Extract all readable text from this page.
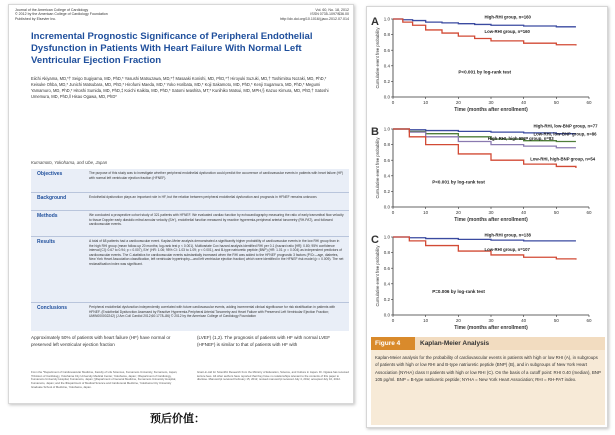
Journal of the American College of Cardiology
© 2012 by the American College of Cardiology Foundation
Published by Elsevier Inc.
Vol. 60, No. 18, 2012
ISSN 0735-1097/$36.00
http://dx.doi.org/10.1016/j.jacc.2012.07.014
Incremental Prognostic Significance of Peripheral Endothelial Dysfunction in Patients With Heart Failure With Normal Left Ventricular Ejection Fraction
Eiichi Akiyama, MD,*† Seigo Sugiyama, MD, PhD,* Yasushi Matsuzawa, MD,*† Masaaki Konishi, MD, PhD,*† Hiroyuki Suzuki, MD,† Toshimitsu Nozaki, MD, PhD,* Keisuke Ohba, MD,* Junichi Matsubara, MD, PhD,* Hirofumi Maeda, MD,* Yoko Horibata, MD,* Koji Sakamoto, MD, PhD,* Kenji Sugamura, MD, PhD,* Megumi Yamamuro, MD, PhD,* Hitoshi Sumida, MD, PhD,‡ Koichi Kaikita, MD, PhD,* Satomi Iwashita, MT,* Kunihiko Matsui, MD, MPH,§ Kazuo Kimura, MD, PhD,† Satoshi Umemura, MD, PhD,‖ Hisao Ogawa, MD, PhD*
Kumamoto, Yokohama, and Ube, Japan
Objectives	The purpose of this study was to investigate whether peripheral endothelial dysfunction could predict the occurrence of cardiovascular events in patients with heart failure (HF) with normal left ventricular ejection fraction (HFNEF).
Background	Endothelial dysfunction plays an important role in HF, but the relation between peripheral endothelial dysfunction and prognosis in HFNEF remains unknown.
Methods	We conducted a prospective cohort study of 321 patients with HFNEF. We evaluated cardiac function by echocardiography measuring the ratio of early transmitral flow velocity to tissue Doppler early diastolic mitral annular velocity (E/e'), endothelial function measured by reactive hyperemia-peripheral arterial tonometry (RH-PAT), and followed cardiovascular events.
Results	A total of 68 patients had a cardiovascular event. Kaplan-Meier analysis demonstrated a significantly higher probability of cardiovascular events in the low RHI group than in the high RHI group (mean follow-up 20 months; log-rank test p < 0.001). Multivariate Cox hazard analysis identified RHI per 0.1 (hazard ratio [HR]: 0.80; 95% confidence interval [CI]: 0.67 to 0.94; p = 0.007), E/e' (HR: 1.06; 95% CI: 1.03 to 1.09; p < 0.001), and B-type natriuretic peptide (BNP) (HR: 1.01; p = 0.004) as independent predictors of cardiovascular events. The C-statistics for cardiovascular events substantially increased when the RHI was added to the HFNEF prognostic 3 factors (P/Cr—age, diabetes, New York Heart Association classification, left ventricular hypertrophy—and left ventricular ejection fraction) which were identified in the HFNEF risk model (p = 0.009). The net reclassification index was significant.
Conclusions	Peripheral endothelial dysfunction independently correlated with future cardiovascular events, adding incremental clinical significance for risk stratification in patients with HFNEF. (Endothelial Dysfunction Assessed by Reactive Hyperemia-Peripheral Arterial Tonometry and Heart Failure with Preserved Left Ventricular Ejection Fraction; UMIN000002242) (J Am Coll Cardiol 2012;60:1778–86) © 2012 by the American College of Cardiology Foundation
Approximately 50% of patients with heart failure (HF) have normal or preserved left ventricular ejection fraction
(LVEF) (1,2). The prognosis of patients with HF with normal LVEF (HFNEF) is similar to that of patients with HF with
From the *Department of Cardiovascular Medicine, Faculty of Life Sciences, Kumamoto University, Kumamoto, Japan; †Division of Cardiology, Yokohama City University Medical Center, Yokohama, Japan; ‡Department of Cardiology, Kumamoto University Hospital, Kumamoto, Japan; §Department of General Medicine, Kumamoto University Hospital, Kumamoto, Japan; and the ‖Department of Medical Science and Cardiorenal Medicine, Yokohama City University Graduate School of Medicine, Yokohama, Japan.
Grant-in-Aid for Scientific Research from the Ministry of Education, Science, and Culture in Japan. Dr. Ogawa has received lecture fees. All other authors have reported that they have no relationships relevant to the contents of this paper to disclose. Manuscript received February 15, 2012; revised manuscript received July 4, 2012, accepted July 10, 2012.
预后价值：
A
0.0
0.2
0.4
0.6
0.8
1.0
0	10	20	30	40	50	60
Time (months after enrollment)
Cumulative event free probability
High-RHI group, n=160
Low-RHI group, n=160
P<0.001 by log-rank test
B
0.0
0.2
0.4
0.6
0.8
1.0
0	10	20	30	40	50	60
Time (months after enrollment)
Cumulative event free probability
High-RHI, low-BNP group, n=77
Low-RHI, low-BNP group, n=86
High-RHI, high-BNP group, n=83
Low-RHI, high-BNP group, n=54
P<0.001 by log-rank test
C
0.0
0.2
0.4
0.6
0.8
1.0
0	10	20	30	40	50	60
Time (months after enrollment)
Cumulative event free probability
High-RHI group, n=138
Low-RHI group, n=107
P=0.006 by log-rank test
Figure 4	Kaplan-Meier Analysis
Kaplan-Meier analysis for the probability of cardiovascular events in patients with high or low RHI (A), in subgroups of patients with high or low RHI and B-type natriuretic peptide (BNP) (B), and in subgroups of New York Heart Association (NYHA) class II patients with high or low RHI (C). On the basis of a cutoff point: RHI 0.40 (median), BNP 105 pg/ml. BNP = B-type natriuretic peptide; NYHA = New York Heart Association; RHI = RH-PAT index.
